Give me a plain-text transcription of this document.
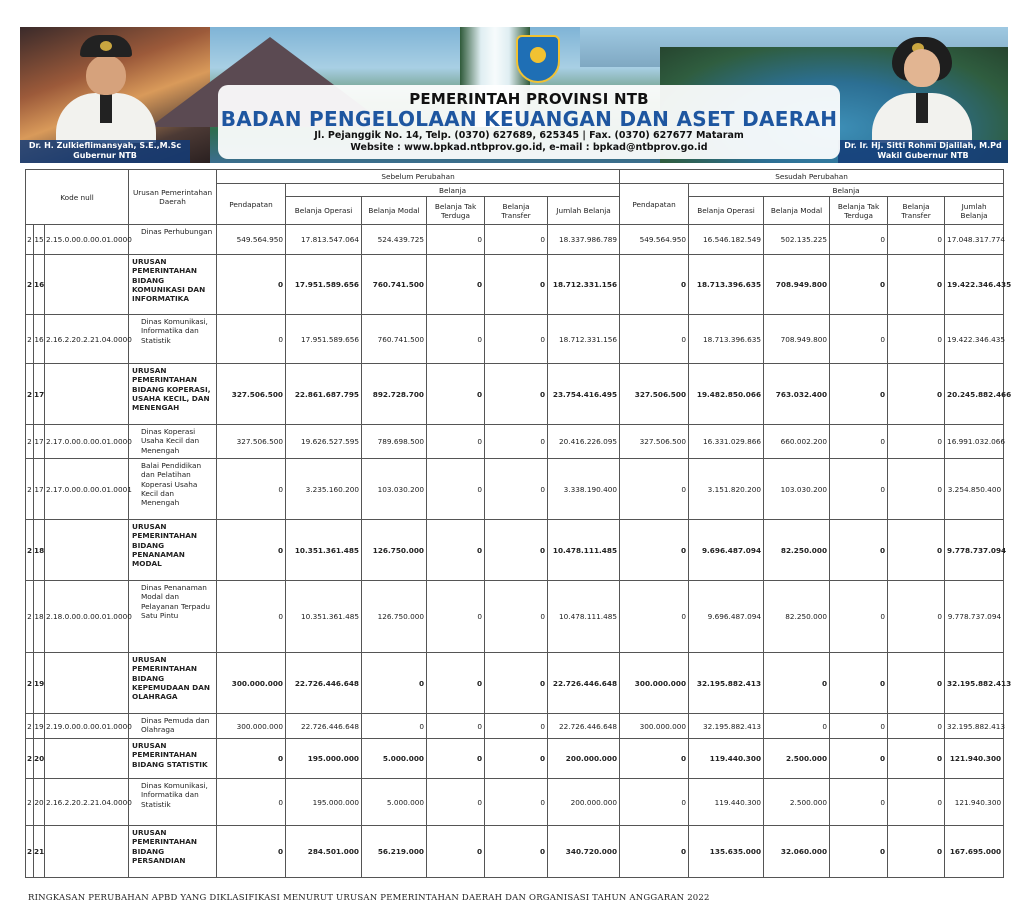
Dr. H. Zulkieflimansyah, S.E.,M.Sc
Gubernur NTB
Dr. Ir. Hj. Sitti Rohmi Djalilah, M.Pd
Wakil Gubernur NTB
PEMERINTAH PROVINSI NTB
BADAN PENGELOLAAN KEUANGAN DAN ASET DAERAH
Jl. Pejanggik No. 14, Telp. (0370) 627689, 625345 | Fax. (0370) 627677 Mataram
Website : www.bpkad.ntbprov.go.id, e-mail : bpkad@ntbprov.go.id
Kode null			Urusan Pemerintahan Daerah	Sebelum Perubahan						Sesudah Perubahan					
				Pendapatan	Belanja					Pendapatan	Belanja				
					Belanja Operasi	Belanja Modal	Belanja Tak Terduga	Belanja Transfer	Jumlah Belanja		Belanja Operasi	Belanja Modal	Belanja Tak Terduga	Belanja Transfer	Jumlah Belanja
2	15	2.15.0.00.0.00.01.0000	Dinas Perhubungan	549.564.950	17.813.547.064	524.439.725	0	0	18.337.986.789	549.564.950	16.546.182.549	502.135.225	0	0	17.048.317.774
2	16		URUSAN PEMERINTAHAN BIDANG KOMUNIKASI DAN INFORMATIKA	0	17.951.589.656	760.741.500	0	0	18.712.331.156	0	18.713.396.635	708.949.800	0	0	19.422.346.435
2	16	2.16.2.20.2.21.04.0000	Dinas Komunikasi, Informatika dan Statistik	0	17.951.589.656	760.741.500	0	0	18.712.331.156	0	18.713.396.635	708.949.800	0	0	19.422.346.435
2	17		URUSAN PEMERINTAHAN BIDANG KOPERASI, USAHA KECIL, DAN MENENGAH	327.506.500	22.861.687.795	892.728.700	0	0	23.754.416.495	327.506.500	19.482.850.066	763.032.400	0	0	20.245.882.466
2	17	2.17.0.00.0.00.01.0000	Dinas Koperasi Usaha Kecil dan Menengah	327.506.500	19.626.527.595	789.698.500	0	0	20.416.226.095	327.506.500	16.331.029.866	660.002.200	0	0	16.991.032.066
2	17	2.17.0.00.0.00.01.0001	Balai Pendidikan dan Pelatihan Koperasi Usaha Kecil dan Menengah	0	3.235.160.200	103.030.200	0	0	3.338.190.400	0	3.151.820.200	103.030.200	0	0	3.254.850.400
2	18		URUSAN PEMERINTAHAN BIDANG PENANAMAN MODAL	0	10.351.361.485	126.750.000	0	0	10.478.111.485	0	9.696.487.094	82.250.000	0	0	9.778.737.094
2	18	2.18.0.00.0.00.01.0000	Dinas Penanaman Modal dan Pelayanan Terpadu Satu Pintu	0	10.351.361.485	126.750.000	0	0	10.478.111.485	0	9.696.487.094	82.250.000	0	0	9.778.737.094
2	19		URUSAN PEMERINTAHAN BIDANG KEPEMUDAAN DAN OLAHRAGA	300.000.000	22.726.446.648	0	0	0	22.726.446.648	300.000.000	32.195.882.413	0	0	0	32.195.882.413
2	19	2.19.0.00.0.00.01.0000	Dinas Pemuda dan Olahraga	300.000.000	22.726.446.648	0	0	0	22.726.446.648	300.000.000	32.195.882.413	0	0	0	32.195.882.413
2	20		URUSAN PEMERINTAHAN BIDANG STATISTIK	0	195.000.000	5.000.000	0	0	200.000.000	0	119.440.300	2.500.000	0	0	121.940.300
2	20	2.16.2.20.2.21.04.0000	Dinas Komunikasi, Informatika dan Statistik	0	195.000.000	5.000.000	0	0	200.000.000	0	119.440.300	2.500.000	0	0	121.940.300
2	21		URUSAN PEMERINTAHAN BIDANG PERSANDIAN	0	284.501.000	56.219.000	0	0	340.720.000	0	135.635.000	32.060.000	0	0	167.695.000
RINGKASAN PERUBAHAN APBD YANG DIKLASIFIKASI MENURUT URUSAN PEMERINTAHAN DAERAH DAN ORGANISASI TAHUN ANGGARAN 2022
